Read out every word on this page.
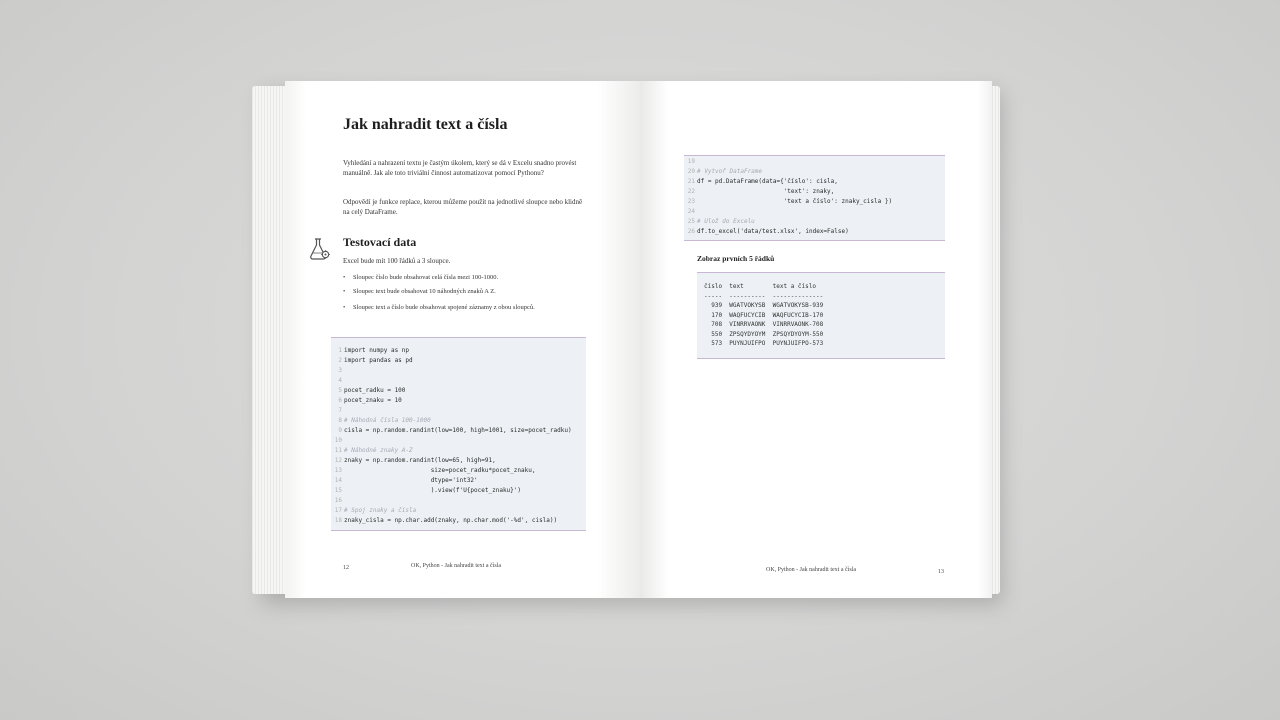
Jak nahradit text a čísla
Vyhledání a nahrazení textu je častým úkolem, který se dá v Excelu snadno provést manuálně. Jak ale toto triviální činnost automatizovat pomocí Pythonu?
Odpovědí je funkce replace, kterou můžeme použít na jednotlivé sloupce nebo klidně na celý DataFrame.
Testovací data
Excel bude mít 100 řádků a 3 sloupce.
• Sloupec číslo bude obsahovat celá čísla mezi 100-1000.
• Sloupec text bude obsahovat 10 náhodných znaků A Z.
• Sloupec text a číslo bude obsahovat spojené záznamy z obou sloupců.
1 import numpy as np
2 import pandas as pd
3
4
5 pocet_radku = 100
6 pocet_znaku = 10
7
8 # Náhodná čísla 100-1000
9 cisla = np.random.randint(low=100, high=1001, size=pocet_radku)
10
11 # Náhodné znaky A-Z
12 znaky = np.random.randint(low=65, high=91,
13 size=pocet_radku*pocet_znaku,
14 dtype='int32'
15 ).view(f'U{pocet_znaku}')
16
17 # Spoj znaky a čísla
18 znaky_cisla = np.char.add(znaky, np.char.mod('-%d', cisla))
12	OK, Python - Jak nahradit text a čísla
19
20 # Vytvoř DataFrame
21 df = pd.DataFrame(data={'číslo': cisla,
22 'text': znaky,
23 'text a číslo': znaky_cisla })
24
25 # Ulož do Excelu
26 df.to_excel('data/test.xlsx', index=False)
Zobraz prvních 5 řádků
číslo  text        text a číslo
-----  ----------  --------------
939  WGATVOKYSB  WGATVOKYSB-939
170  WAQFUCYCIB  WAQFUCYCIB-170
708  VINRRVAONK  VINRRVAONK-708
550  ZPSQYDYOYM  ZPSQYDYOYM-550
573  PUYNJUIFPO  PUYNJUIFPO-573
OK, Python - Jak nahradit text a čísla	13
